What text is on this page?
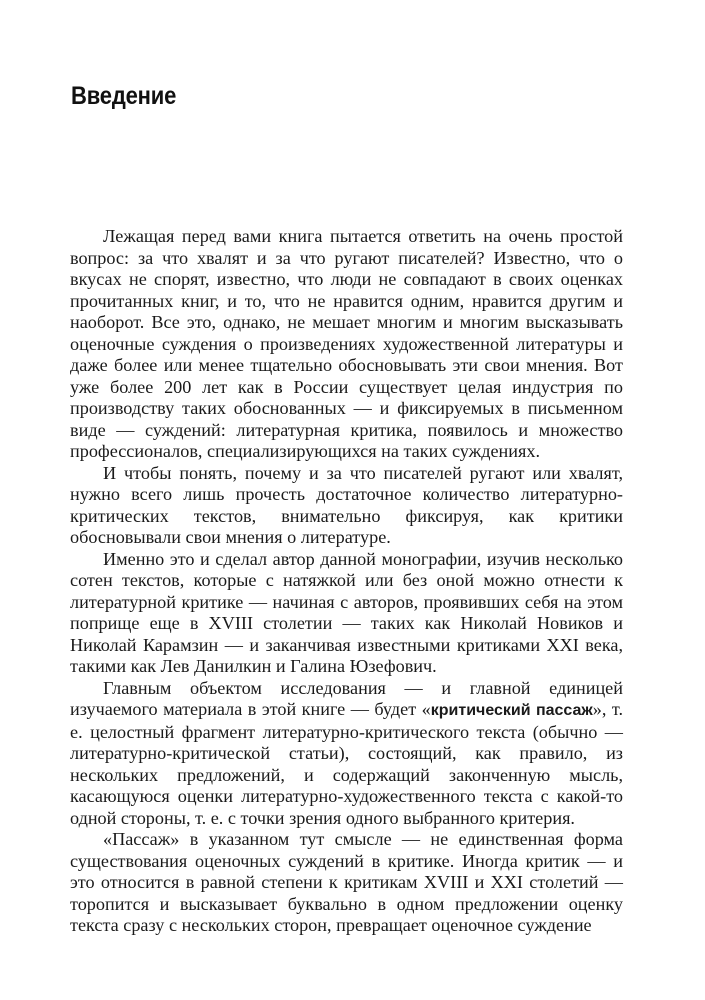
Введение

Лежащая перед вами книга пытается ответить на очень простой вопрос: за что хвалят и за что ругают писателей? Известно, что о вкусах не спорят, известно, что люди не совпадают в своих оценках прочитанных книг, и то, что не нравится одним, нравится другим и наоборот. Все это, однако, не мешает многим и многим высказывать оценочные суждения о произведениях художественной литературы и даже более или менее тщательно обосновывать эти свои мнения. Вот уже более 200 лет как в России существует целая индустрия по производству таких обоснованных — и фиксируемых в письменном виде — суждений: литературная критика, появилось и множество профессионалов, специализирующихся на таких суждениях.

И чтобы понять, почему и за что писателей ругают или хвалят, нужно всего лишь прочесть достаточное количество литературно-критических текстов, внимательно фиксируя, как критики обосновывали свои мнения о литературе.

Именно это и сделал автор данной монографии, изучив несколько сотен текстов, которые с натяжкой или без оной можно отнести к литературной критике — начиная с авторов, проявивших себя на этом поприще еще в XVIII столетии — таких как Николай Новиков и Николай Карамзин — и заканчивая известными критиками XXI века, такими как Лев Данилкин и Галина Юзефович.

Главным объектом исследования — и главной единицей изучаемого материала в этой книге — будет «критический пассаж», т. е. целостный фрагмент литературно-критического текста (обычно — литературно-критической статьи), состоящий, как правило, из нескольких предложений, и содержащий законченную мысль, касающуюся оценки литературно-художественного текста с какой-то одной стороны, т. е. с точки зрения одного выбранного критерия.

«Пассаж» в указанном тут смысле — не единственная форма существования оценочных суждений в критике. Иногда критик — и это относится в равной степени к критикам XVIII и XXI столетий — торопится и высказывает буквально в одном предложении оценку текста сразу с нескольких сторон, превращает оценочное суждение
